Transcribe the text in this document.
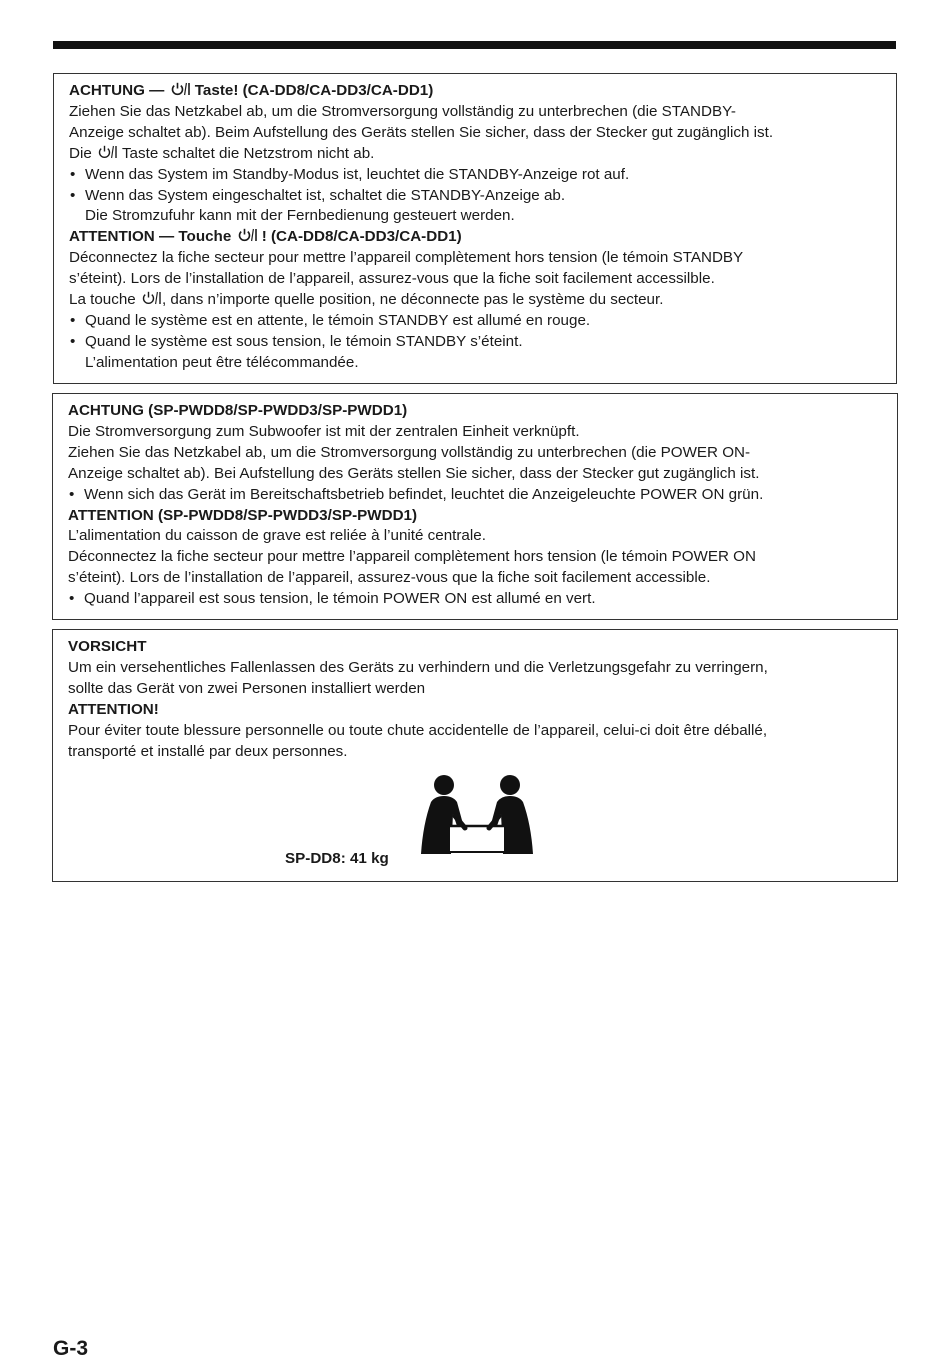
ACHTUNG —
Taste! (CA-DD8/CA-DD3/CA-DD1)
Ziehen Sie das Netzkabel ab, um die Stromversorgung vollständig zu unterbrechen (die STANDBY-
Anzeige schaltet ab). Beim Aufstellung des Geräts stellen Sie sicher, dass der Stecker gut zugänglich ist.
Die
Taste schaltet die Netzstrom nicht ab.
• Wenn das System im Standby-Modus ist, leuchtet die STANDBY-Anzeige rot auf.
• Wenn das System eingeschaltet ist, schaltet die STANDBY-Anzeige ab.
Die Stromzufuhr kann mit der Fernbedienung gesteuert werden.
ATTENTION — Touche
! (CA-DD8/CA-DD3/CA-DD1)
Déconnectez la fiche secteur pour mettre l’appareil complètement hors tension (le témoin STANDBY
s’éteint). Lors de l’installation de l’appareil, assurez-vous que la fiche soit facilement accessilble.
La touche
, dans n’importe quelle position, ne déconnecte pas le système du secteur.
• Quand le système est en attente, le témoin STANDBY est allumé en rouge.
• Quand le système est sous tension, le témoin STANDBY s’éteint.
L’alimentation peut être télécommandée.
ACHTUNG (SP-PWDD8/SP-PWDD3/SP-PWDD1)
Die Stromversorgung zum Subwoofer ist mit der zentralen Einheit verknüpft.
Ziehen Sie das Netzkabel ab, um die Stromversorgung vollständig zu unterbrechen (die POWER ON-
Anzeige schaltet ab). Bei Aufstellung des Geräts stellen Sie sicher, dass der Stecker gut zugänglich ist.
• Wenn sich das Gerät im Bereitschaftsbetrieb befindet, leuchtet die Anzeigeleuchte POWER ON grün.
ATTENTION (SP-PWDD8/SP-PWDD3/SP-PWDD1)
L’alimentation du caisson de grave est reliée à l’unité centrale.
Déconnectez la fiche secteur pour mettre l’appareil complètement hors tension (le témoin POWER ON
s’éteint). Lors de l’installation de l’appareil, assurez-vous que la fiche soit facilement accessible.
• Quand l’appareil est sous tension, le témoin POWER ON est allumé en vert.
VORSICHT
Um ein versehentliches Fallenlassen des Geräts zu verhindern und die Verletzungsgefahr zu verringern,
sollte das Gerät von zwei Personen installiert werden
ATTENTION!
Pour éviter toute blessure personnelle ou toute chute accidentelle de l’appareil, celui-ci doit être déballé,
transporté et installé par deux personnes.
SP-DD8: 41 kg
G-3
